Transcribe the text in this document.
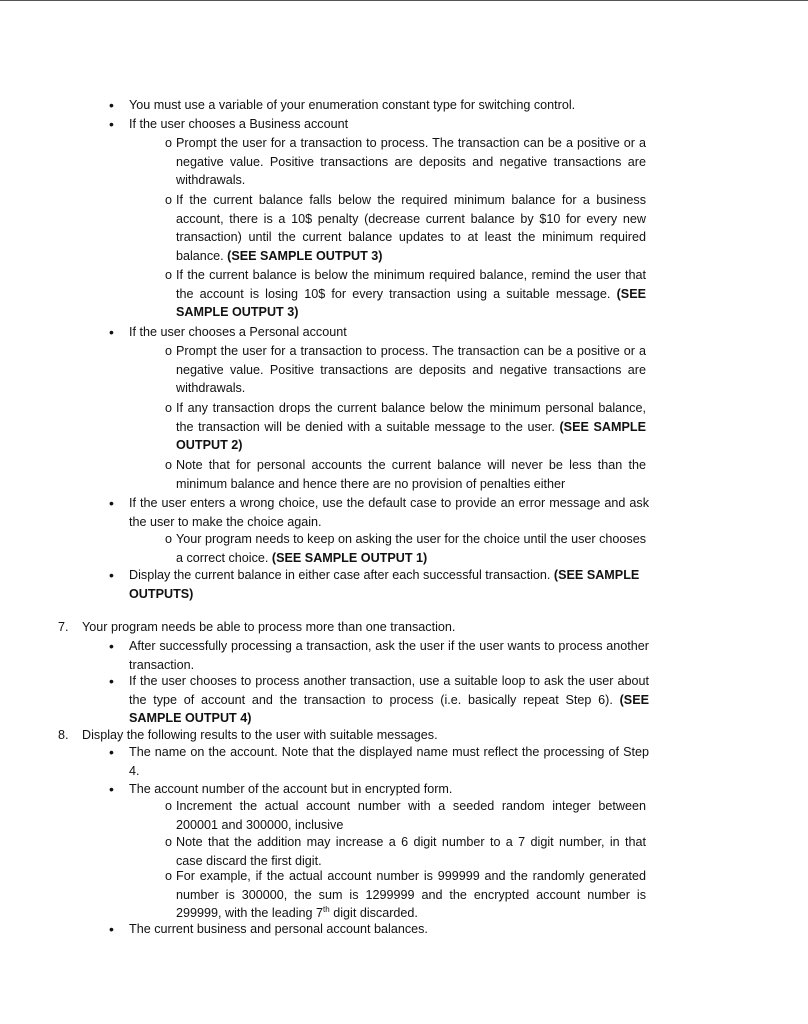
• You must use a variable of your enumeration constant type for switching control.
• If the user chooses a Business account
o Prompt the user for a transaction to process. The transaction can be a positive or a negative value. Positive transactions are deposits and negative transactions are withdrawals.
o If the current balance falls below the required minimum balance for a business account, there is a 10$ penalty (decrease current balance by $10 for every new transaction) until the current balance updates to at least the minimum required balance. (SEE SAMPLE OUTPUT 3)
o If the current balance is below the minimum required balance, remind the user that the account is losing 10$ for every transaction using a suitable message. (SEE SAMPLE OUTPUT 3)
• If the user chooses a Personal account
o Prompt the user for a transaction to process. The transaction can be a positive or a negative value. Positive transactions are deposits and negative transactions are withdrawals.
o If any transaction drops the current balance below the minimum personal balance, the transaction will be denied with a suitable message to the user. (SEE SAMPLE OUTPUT 2)
o Note that for personal accounts the current balance will never be less than the minimum balance and hence there are no provision of penalties either
• If the user enters a wrong choice, use the default case to provide an error message and ask the user to make the choice again.
o Your program needs to keep on asking the user for the choice until the user chooses a correct choice. (SEE SAMPLE OUTPUT 1)
• Display the current balance in either case after each successful transaction. (SEE SAMPLE OUTPUTS)
7. Your program needs be able to process more than one transaction.
• After successfully processing a transaction, ask the user if the user wants to process another transaction.
• If the user chooses to process another transaction, use a suitable loop to ask the user about the type of account and the transaction to process (i.e. basically repeat Step 6). (SEE SAMPLE OUTPUT 4)
8. Display the following results to the user with suitable messages.
• The name on the account. Note that the displayed name must reflect the processing of Step 4.
• The account number of the account but in encrypted form.
o Increment the actual account number with a seeded random integer between 200001 and 300000, inclusive
o Note that the addition may increase a 6 digit number to a 7 digit number, in that case discard the first digit.
o For example, if the actual account number is 999999 and the randomly generated number is 300000, the sum is 1299999 and the encrypted account number is 299999, with the leading 7th digit discarded.
• The current business and personal account balances.
